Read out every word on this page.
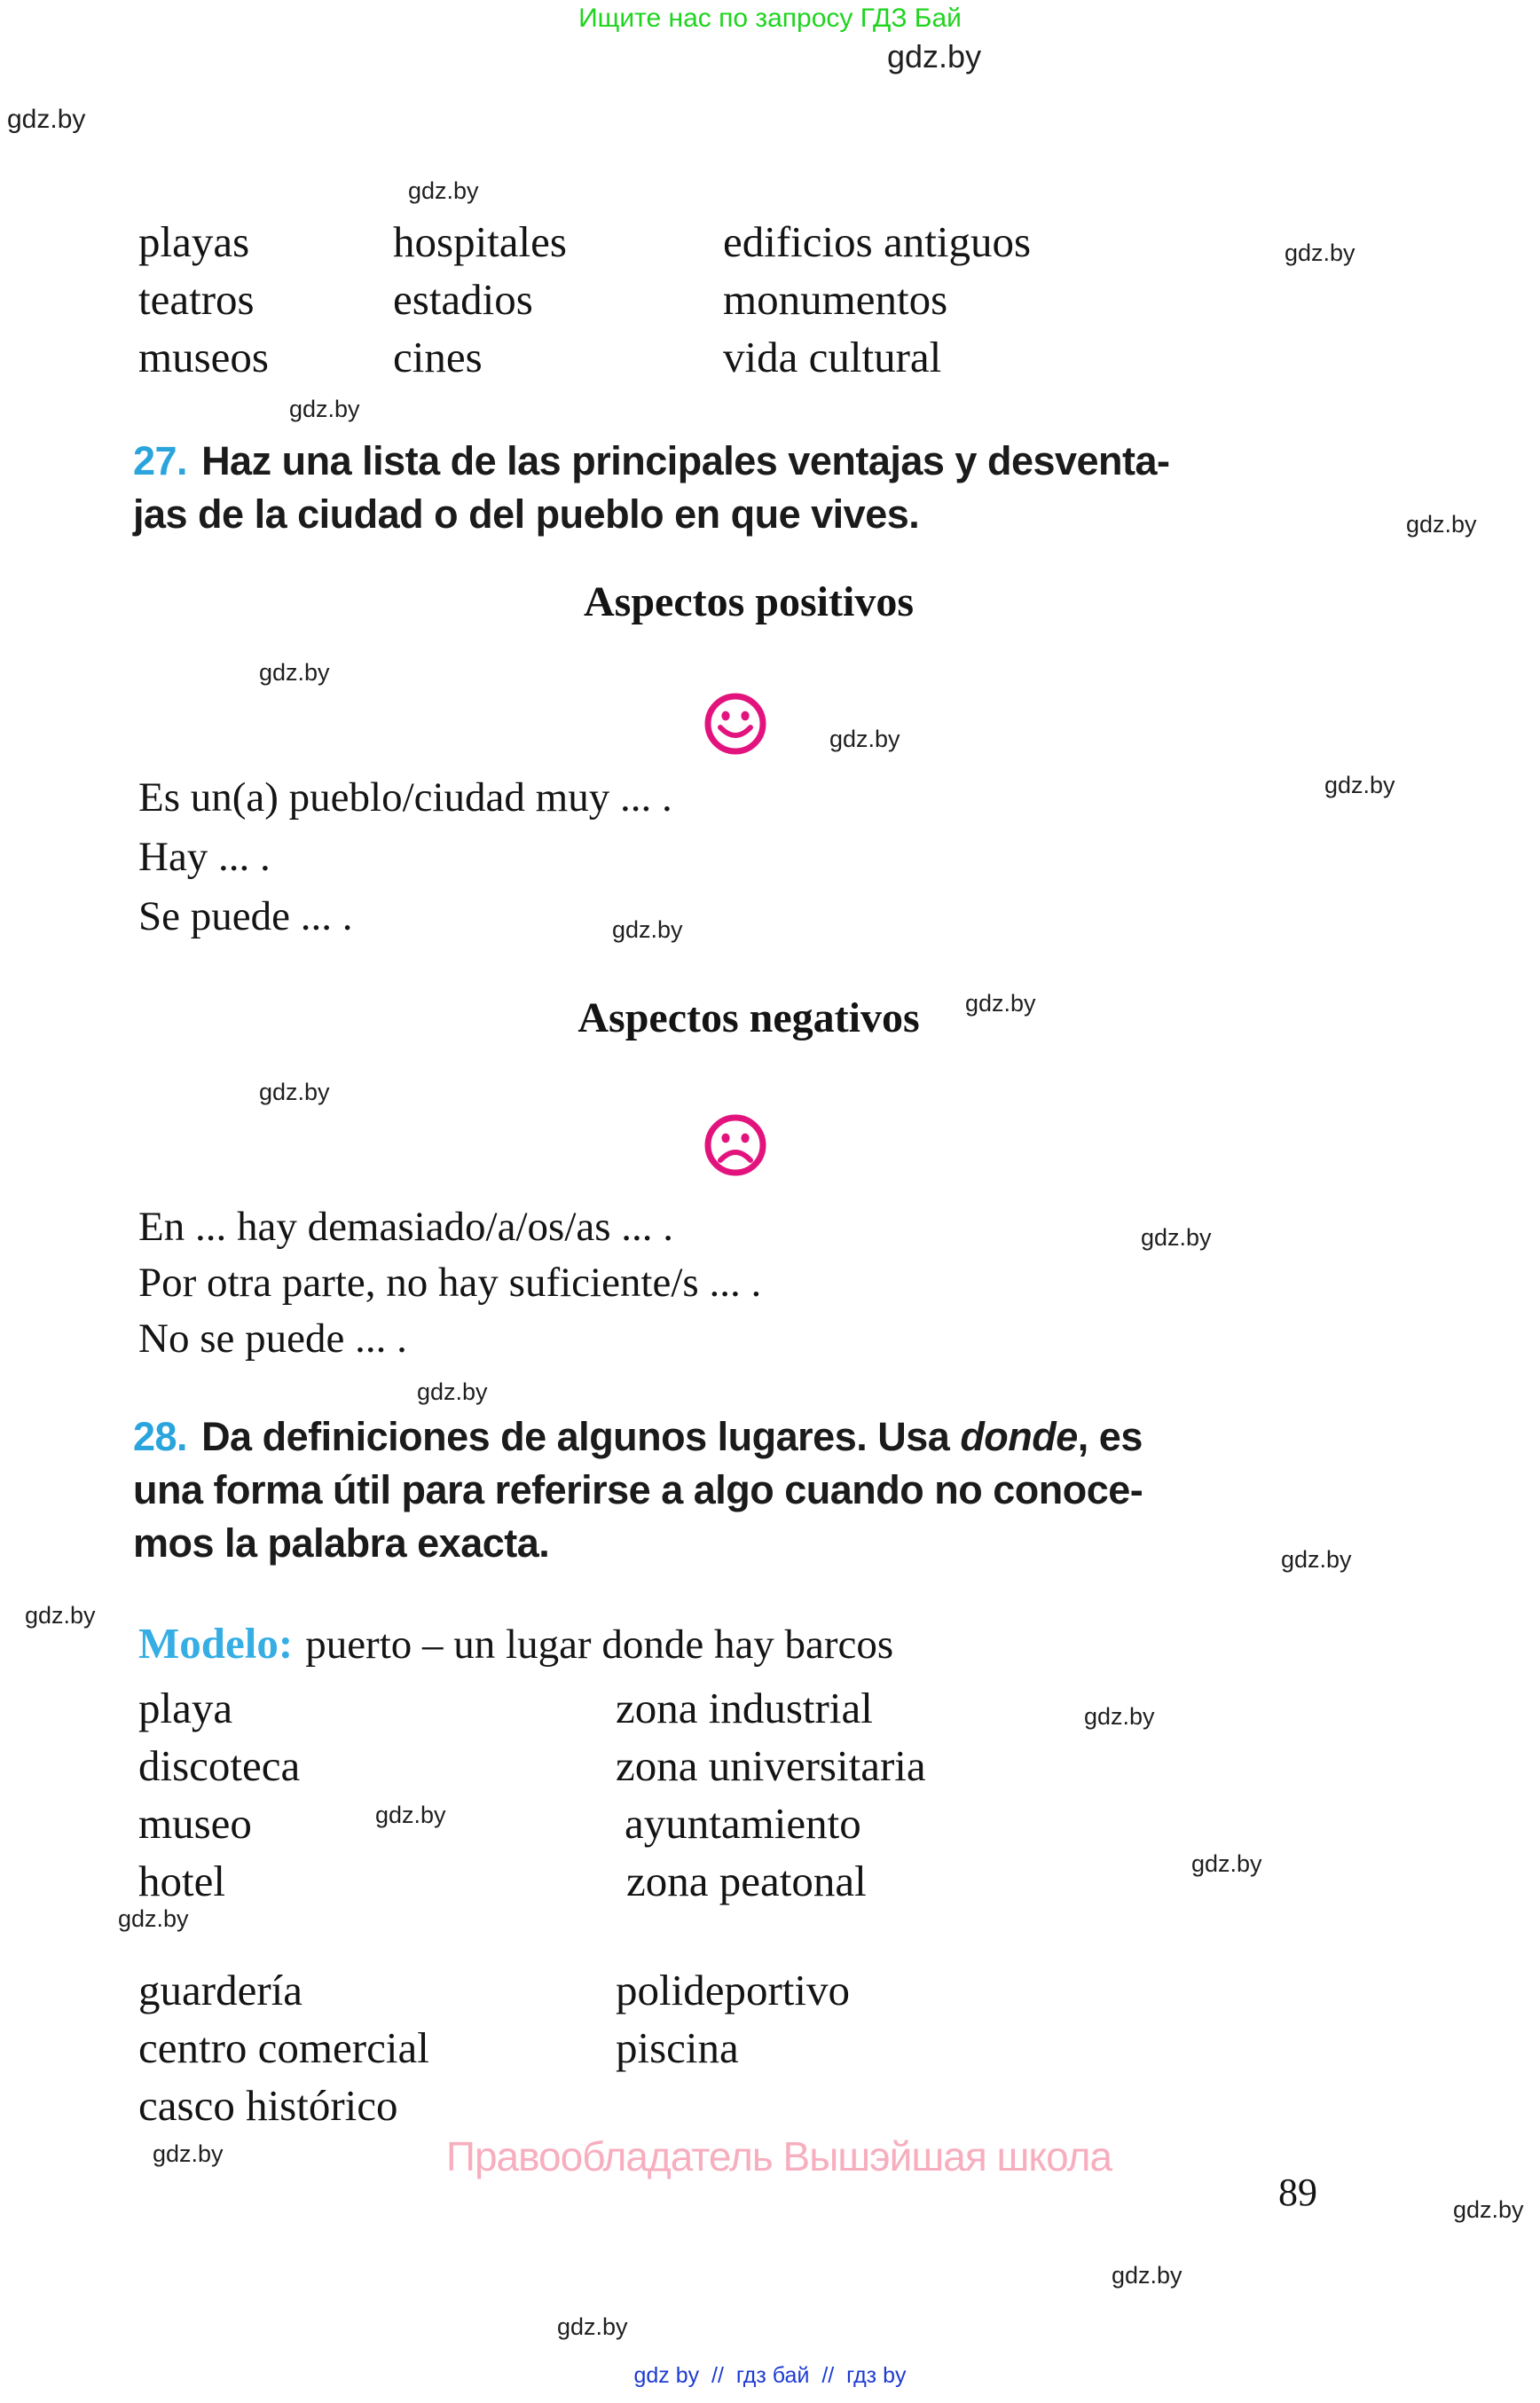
Ищите нас по запросу ГДЗ Бай
gdz.by
gdz.by
gdz.by
gdz.by
gdz.by
gdz.by
gdz.by
gdz.by
gdz.by
gdz.by
gdz.by
gdz.by
gdz.by
gdz.by
gdz.by
gdz.by
gdz.by
gdz.by
gdz.by
gdz.by
gdz.by
gdz.by
gdz.by
gdz.by
playas	hospitales	edificios antiguos
teatros	estadios	monumentos
museos	cines	vida cultural
27. Haz una lista de las principales ventajas y desventa-
jas de la ciudad o del pueblo en que vives.
Aspectos positivos
Es un(a) pueblo/ciudad muy ... .
Hay ... .
Se puede ... .
Aspectos negativos
En ... hay demasiado/a/os/as ... .
Por otra parte, no hay suficiente/s ... .
No se puede ... .
28. Da definiciones de algunos lugares. Usa donde, es
una forma útil para referirse a algo cuando no conoce-
mos la palabra exacta.
Modelo: puerto – un lugar donde hay barcos
playa	zona industrial
discoteca	zona universitaria
museo	ayuntamiento
hotel	zona peatonal
guardería	polideportivo
centro comercial	piscina
casco histórico
Правообладатель Вышэйшая школа
89
gdz by  //  гдз бай  //  гдз by
